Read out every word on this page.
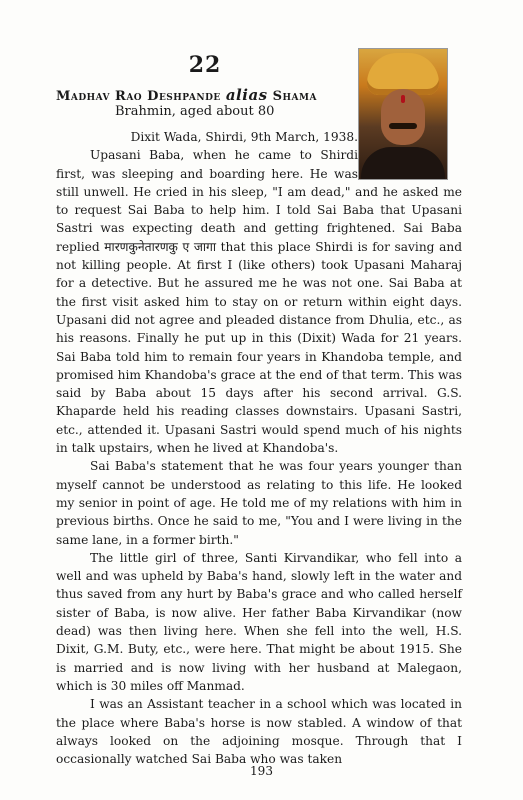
22
Madhav Rao Deshpande alias Shama
Brahmin, aged about 80

Dixit Wada, Shirdi, 9th March, 1938.

Upasani Baba, when he came to Shirdi first, was sleeping and boarding here. He was still unwell. He cried in his sleep, "I am dead," and he asked me to request Sai Baba to help him. I told Sai Baba that Upasani Sastri was expecting death and getting frightened. Sai Baba replied मारणकुनेतारणकु ए जागा that this place Shirdi is for saving and not killing people. At first I (like others) took Upasani Maharaj for a detective. But he assured me he was not one. Sai Baba at the first visit asked him to stay on or return within eight days. Upasani did not agree and pleaded distance from Dhulia, etc., as his reasons. Finally he put up in this (Dixit) Wada for 21 years. Sai Baba told him to remain four years in Khandoba temple, and promised him Khandoba's grace at the end of that term. This was said by Baba about 15 days after his second arrival. G.S. Khaparde held his reading classes downstairs. Upasani Sastri, etc., attended it. Upasani Sastri would spend much of his nights in talk upstairs, when he lived at Khandoba's.

Sai Baba's statement that he was four years younger than myself cannot be understood as relating to this life. He looked my senior in point of age. He told me of my relations with him in previous births. Once he said to me, "You and I were living in the same lane, in a former birth."

The little girl of three, Santi Kirvandikar, who fell into a well and was upheld by Baba's hand, slowly left in the water and thus saved from any hurt by Baba's grace and who called herself sister of Baba, is now alive. Her father Baba Kirvandikar (now dead) was then living here. When she fell into the well, H.S. Dixit, G.M. Buty, etc., were here. That might be about 1915. She is married and is now living with her husband at Malegaon, which is 30 miles off Manmad.

I was an Assistant teacher in a school which was located in the place where Baba's horse is now stabled. A window of that always looked on the adjoining mosque. Through that I occasionally watched Sai Baba who was taken

193
